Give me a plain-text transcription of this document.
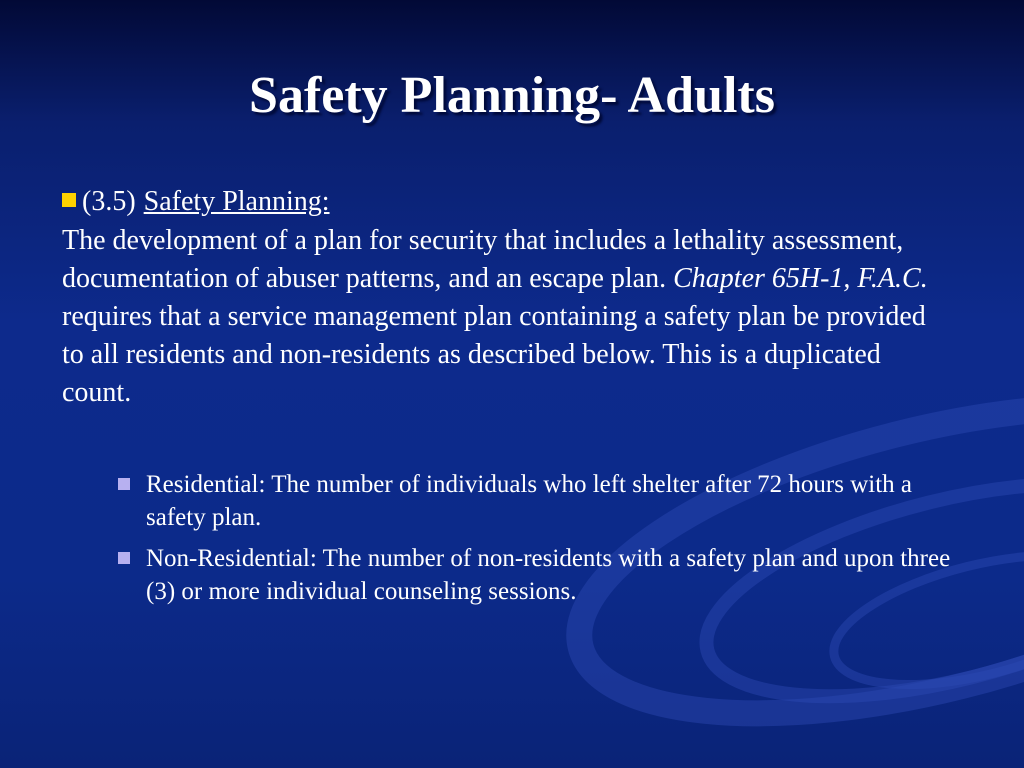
Safety Planning- Adults
(3.5) Safety Planning:
The development of a plan for security that includes a lethality assessment, documentation of abuser patterns, and an escape plan. Chapter 65H-1, F.A.C. requires that a service management plan containing a safety plan be provided to all residents and non-residents as described below. This is a duplicated count.
Residential: The number of individuals who left shelter after 72 hours with a safety plan.
Non-Residential: The number of non-residents with a safety plan and upon three (3) or more individual counseling sessions.
